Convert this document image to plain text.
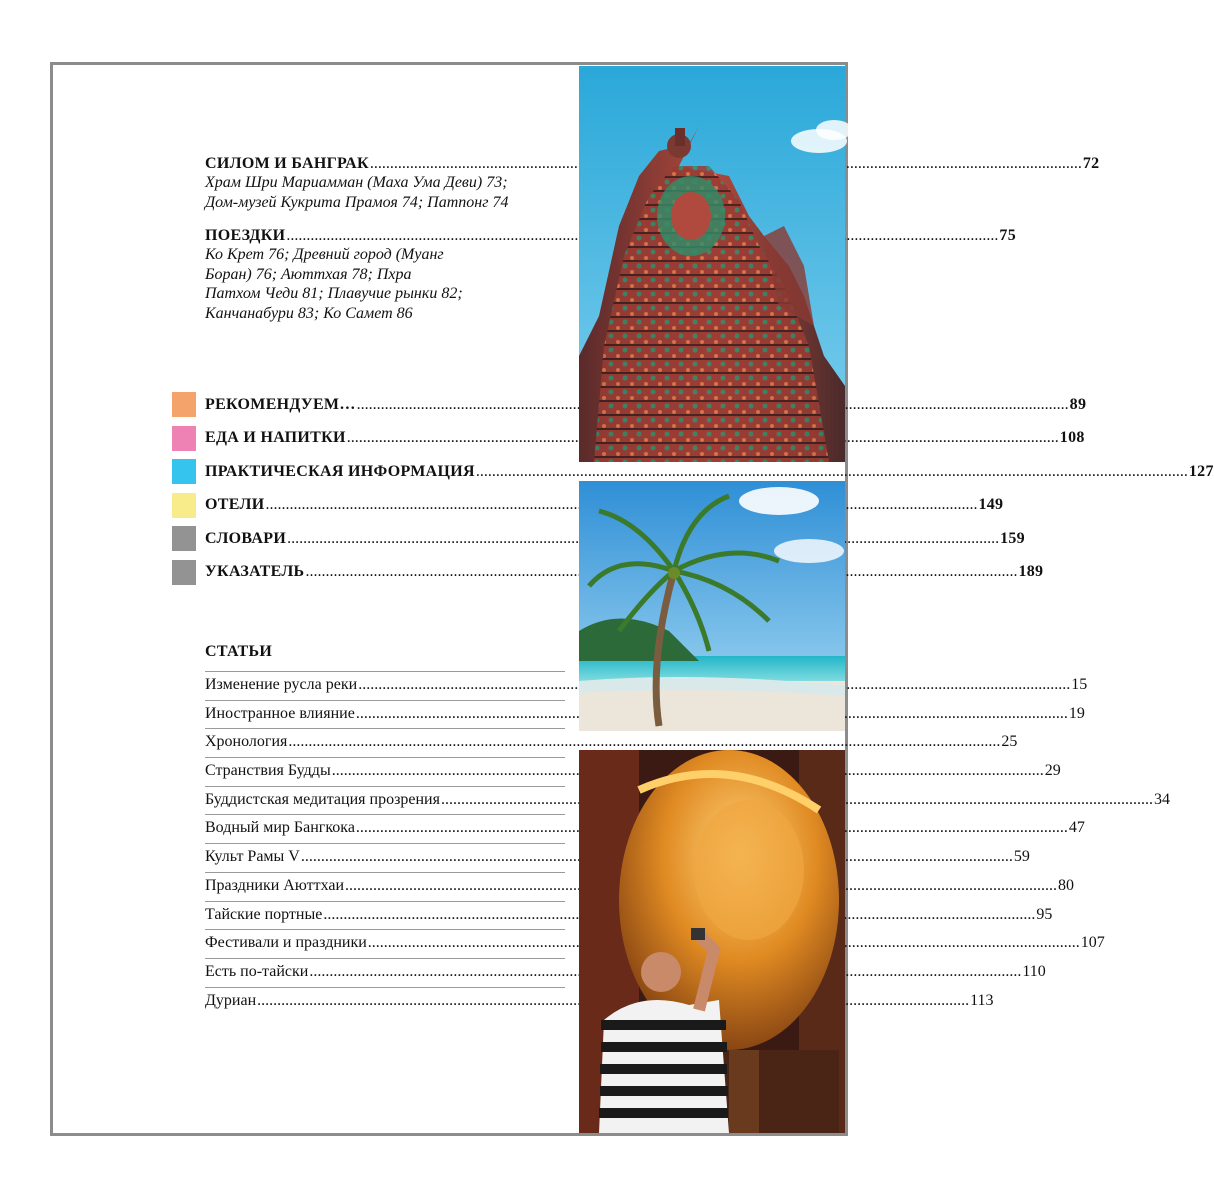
СИЛОМ И БАНГРАК .....	72
Храм Шри Мариамман (Маха Ума Деви) 73;
Дом-музей Кукрита Прамоя 74; Патпонг 74
ПОЕЗДКИ .....	75
Ко Крет 76; Древний город (Муанг
Боран) 76; Аюттхая 78; Пхра
Патхом Чеди 81; Плавучие рынки 82;
Канчанабури 83; Ко Самет 86
РЕКОМЕНДУЕМ… .....	89
ЕДА И НАПИТКИ .....	108
ПРАКТИЧЕСКАЯ ИНФОРМАЦИЯ .....	127
ОТЕЛИ .....	149
СЛОВАРИ .....	159
УКАЗАТЕЛЬ .....	189
СТАТЬИ
Изменение русла реки .....	15
Иностранное влияние .....	19
Хронология .....	25
Странствия Будды .....	29
Буддистская медитация прозрения .....	34
Водный мир Бангкока .....	47
Культ Рамы V .....	59
Праздники Аюттхаи .....	80
Тайские портные .....	95
Фестивали и праздники .....	107
Есть по-тайски .....	110
Дуриан .....	113
